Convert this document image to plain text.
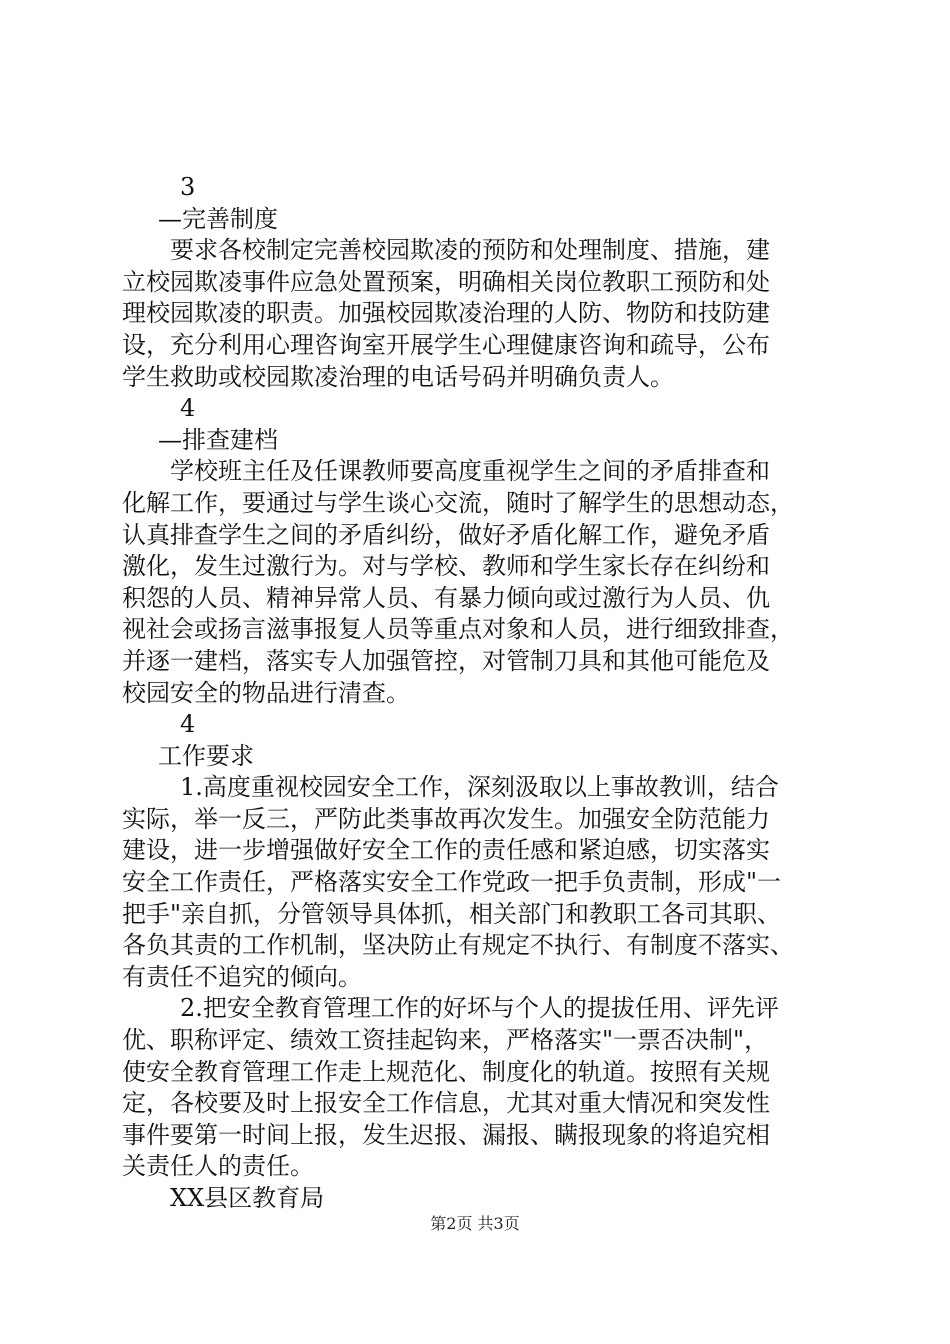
3
—完善制度
要求各校制定完善校园欺凌的预防和处理制度、措施，建
立校园欺凌事件应急处置预案，明确相关岗位教职工预防和处
理校园欺凌的职责。加强校园欺凌治理的人防、物防和技防建
设，充分利用心理咨询室开展学生心理健康咨询和疏导，公布
学生救助或校园欺凌治理的电话号码并明确负责人。
4
—排查建档
学校班主任及任课教师要高度重视学生之间的矛盾排查和
化解工作，要通过与学生谈心交流，随时了解学生的思想动态，
认真排查学生之间的矛盾纠纷，做好矛盾化解工作，避免矛盾
激化，发生过激行为。对与学校、教师和学生家长存在纠纷和
积怨的人员、精神异常人员、有暴力倾向或过激行为人员、仇
视社会或扬言滋事报复人员等重点对象和人员，进行细致排查，
并逐一建档，落实专人加强管控，对管制刀具和其他可能危及
校园安全的物品进行清查。
4
工作要求
1.高度重视校园安全工作，深刻汲取以上事故教训，结合
实际，举一反三，严防此类事故再次发生。加强安全防范能力
建设，进一步增强做好安全工作的责任感和紧迫感，切实落实
安全工作责任，严格落实安全工作党政一把手负责制，形成"一
把手"亲自抓，分管领导具体抓，相关部门和教职工各司其职、
各负其责的工作机制，坚决防止有规定不执行、有制度不落实、
有责任不追究的倾向。
2.把安全教育管理工作的好坏与个人的提拔任用、评先评
优、职称评定、绩效工资挂起钩来，严格落实"一票否决制"，
使安全教育管理工作走上规范化、制度化的轨道。按照有关规
定，各校要及时上报安全工作信息，尤其对重大情况和突发性
事件要第一时间上报，发生迟报、漏报、瞒报现象的将追究相
关责任人的责任。
XX县区教育局
第2页 共3页
